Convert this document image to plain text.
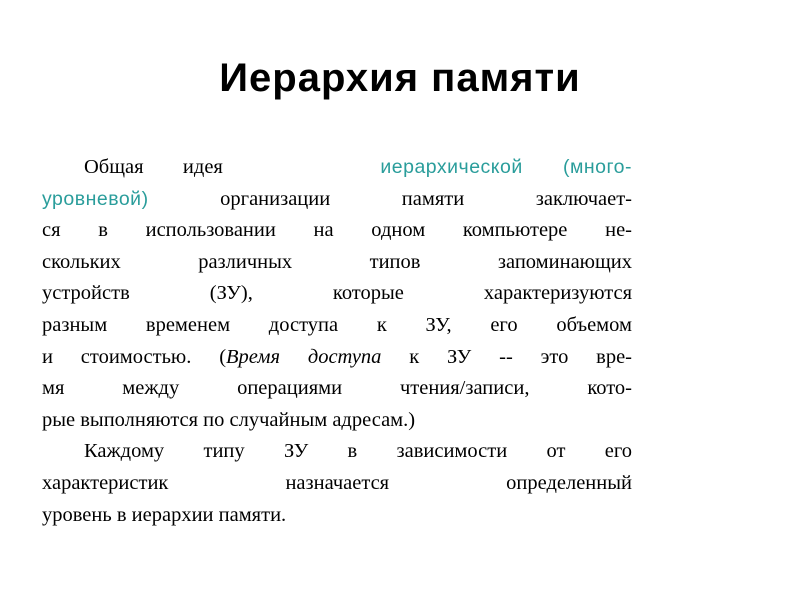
Иерархия памяти
Общая идея	иерархической (много-
уровневой)	организации памяти заключает-
ся в использовании на одном компьютере не-
скольких различных типов запоминающих
устройств (ЗУ), которые характеризуются
разным временем доступа к ЗУ, его объемом
и стоимостью. (Время доступа к ЗУ -- это вре-
мя между операциями чтения/записи, кото-
рые выполняются по случайным адресам.)
Каждому типу ЗУ в зависимости от его
характеристик назначается определенный
уровень в иерархии памяти.
